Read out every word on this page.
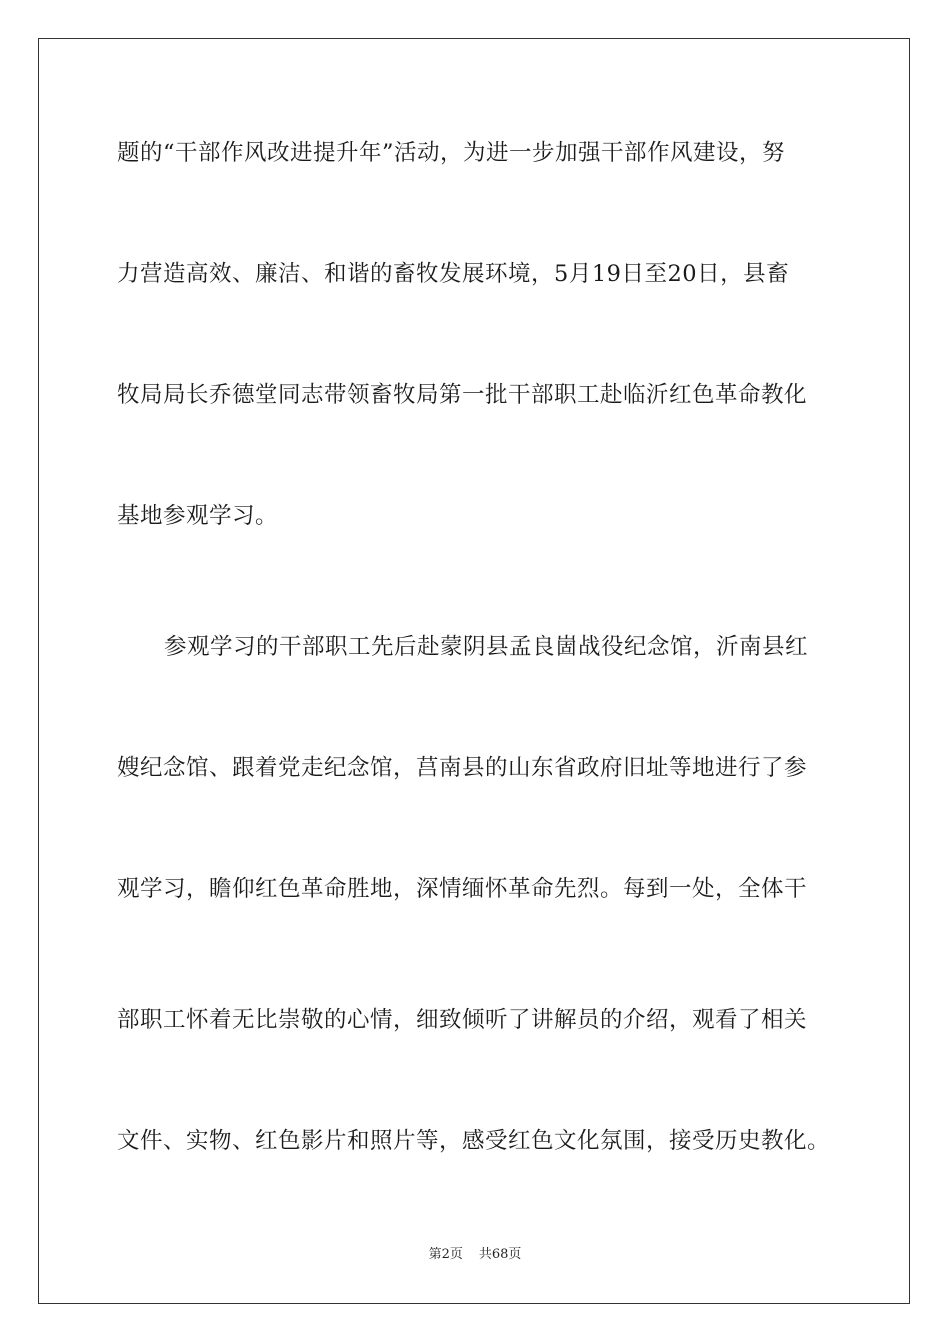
题的“干部作风改进提升年”活动，为进一步加强干部作风建设，努
力营造高效、廉洁、和谐的畜牧发展环境，5月19日至20日，县畜
牧局局长乔德堂同志带领畜牧局第一批干部职工赴临沂红色革命教化
基地参观学习。
参观学习的干部职工先后赴蒙阴县孟良崮战役纪念馆，沂南县红
嫂纪念馆、跟着党走纪念馆，莒南县的山东省政府旧址等地进行了参
观学习，瞻仰红色革命胜地，深情缅怀革命先烈。每到一处，全体干
部职工怀着无比崇敬的心情，细致倾听了讲解员的介绍，观看了相关
文件、实物、红色影片和照片等，感受红色文化氛围，接受历史教化。
第2页 共68页
